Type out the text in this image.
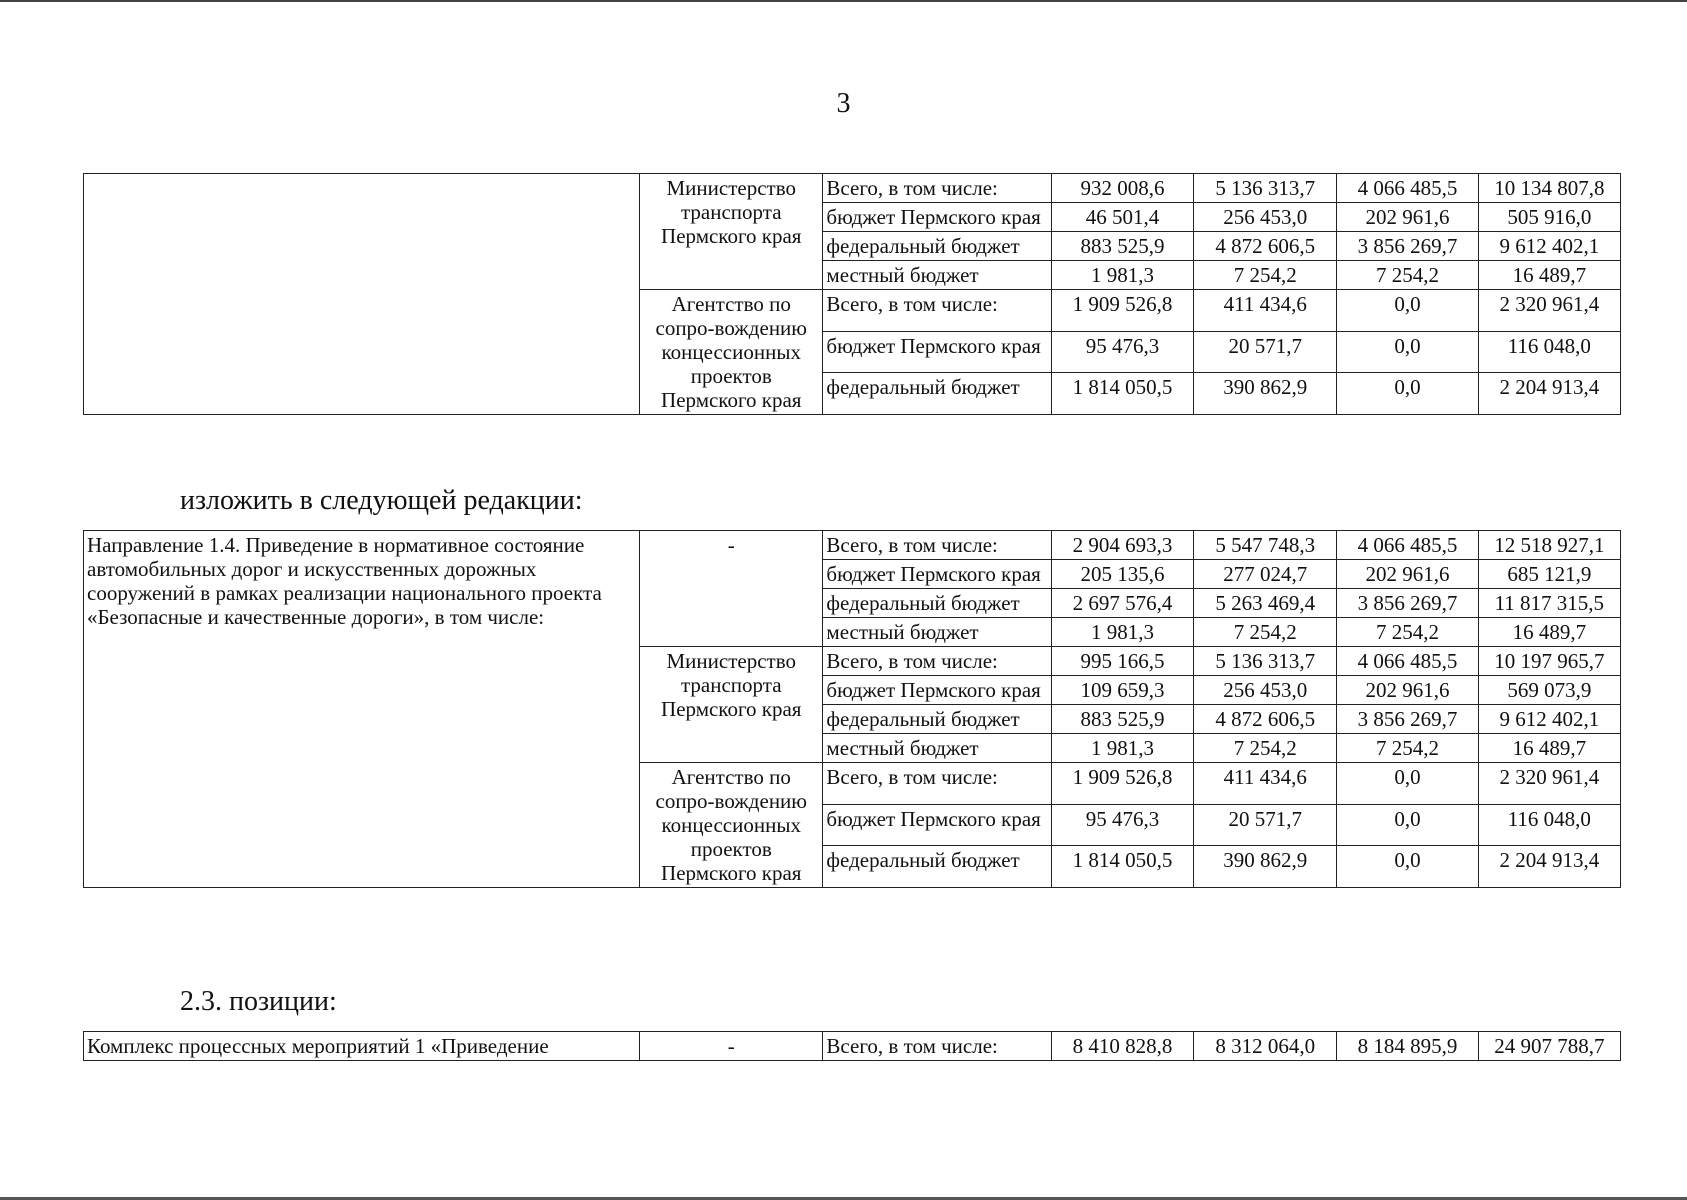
3
	Министерство транспорта Пермского края	Всего, в том числе:	932 008,6	5 136 313,7	4 066 485,5	10 134 807,8
		бюджет Пермского края	46 501,4	256 453,0	202 961,6	505 916,0
		федеральный бюджет	883 525,9	4 872 606,5	3 856 269,7	9 612 402,1
		местный бюджет	1 981,3	7 254,2	7 254,2	16 489,7
	Агентство по сопро-вождению концессионных проектов Пермского края	Всего, в том числе:	1 909 526,8	411 434,6	0,0	2 320 961,4
		бюджет Пермского края	95 476,3	20 571,7	0,0	116 048,0
		федеральный бюджет	1 814 050,5	390 862,9	0,0	2 204 913,4
изложить в следующей редакции:
Направление 1.4. Приведение в нормативное состояние автомобильных дорог и искусственных дорожных сооружений в рамках реализации национального проекта «Безопасные и качественные дороги», в том числе:	-	Всего, в том числе:	2 904 693,3	5 547 748,3	4 066 485,5	12 518 927,1
		бюджет Пермского края	205 135,6	277 024,7	202 961,6	685 121,9
		федеральный бюджет	2 697 576,4	5 263 469,4	3 856 269,7	11 817 315,5
		местный бюджет	1 981,3	7 254,2	7 254,2	16 489,7
	Министерство транспорта Пермского края	Всего, в том числе:	995 166,5	5 136 313,7	4 066 485,5	10 197 965,7
		бюджет Пермского края	109 659,3	256 453,0	202 961,6	569 073,9
		федеральный бюджет	883 525,9	4 872 606,5	3 856 269,7	9 612 402,1
		местный бюджет	1 981,3	7 254,2	7 254,2	16 489,7
	Агентство по сопро-вождению концессионных проектов Пермского края	Всего, в том числе:	1 909 526,8	411 434,6	0,0	2 320 961,4
		бюджет Пермского края	95 476,3	20 571,7	0,0	116 048,0
		федеральный бюджет	1 814 050,5	390 862,9	0,0	2 204 913,4
2.3. позиции:
Комплекс процессных мероприятий 1 «Приведение	-	Всего, в том числе:	8 410 828,8	8 312 064,0	8 184 895,9	24 907 788,7
